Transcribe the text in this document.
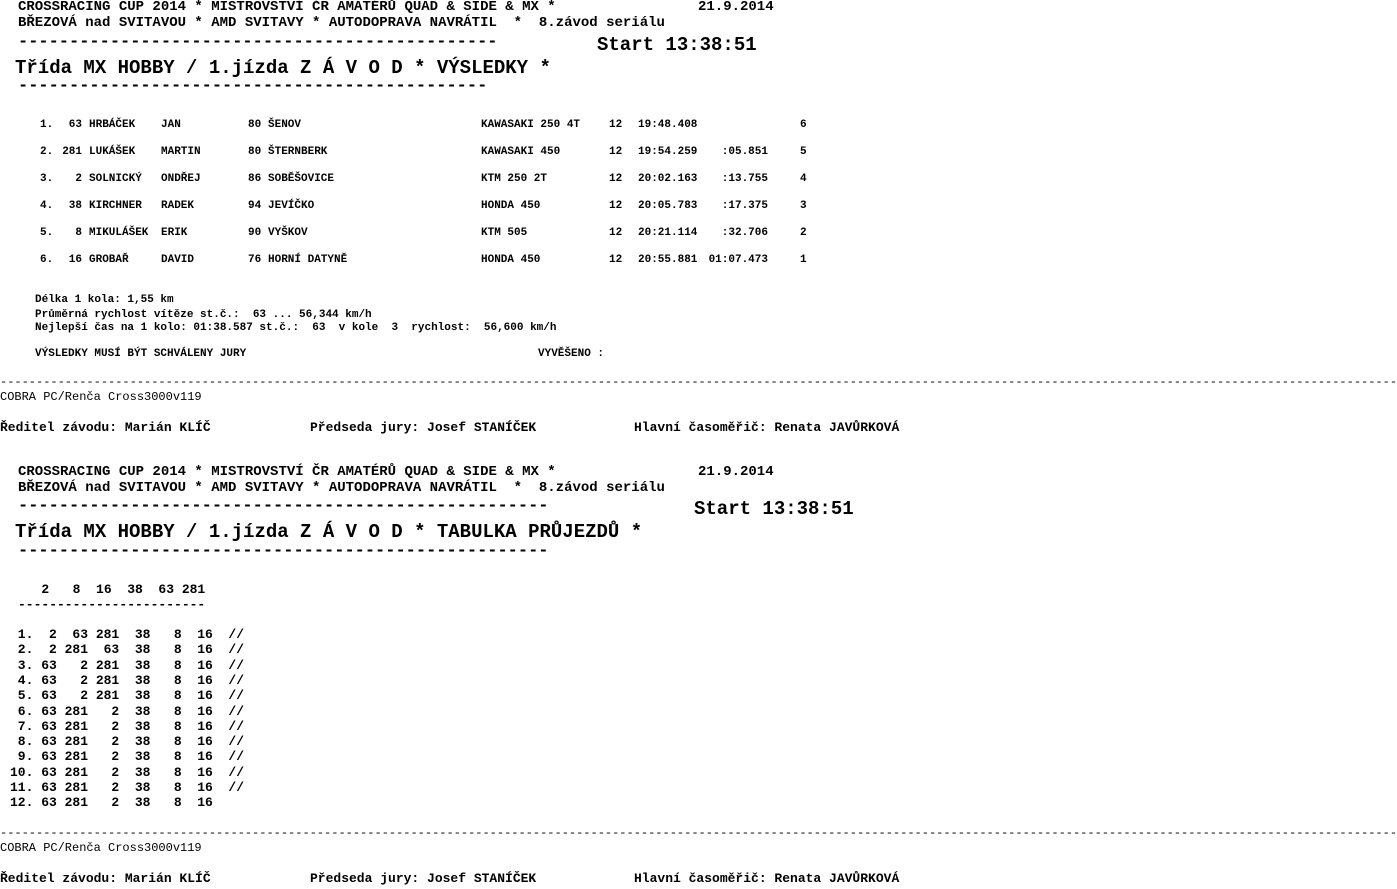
CROSSRACING CUP 2014 * MISTROVSTVÍ ČR AMATÉRŮ QUAD & SIDE & MX *	21.9.2014
BŘEZOVÁ nad SVITAVOU * AMD SVITAVY * AUTODOPRAVA NAVRÁTIL  *  8.závod seriálu
-----------------------------------------------	Start 13:38:51
Třída MX HOBBY / 1.jízda Z Á V O D * VÝSLEDKY *
----------------------------------------------
1. 63 HRBÁČEK JAN	80 ŠENOV	KAWASAKI 250 4T	12 19:48.408	6
2. 281 LUKÁŠEK MARTIN	80 ŠTERNBERK	KAWASAKI 450	12 19:54.259 :05.851	5
3. 2 SOLNICKÝ ONDŘEJ	86 SOBĚŠOVICE	KTM 250 2T	12 20:02.163 :13.755	4
4. 38 KIRCHNER RADEK	94 JEVÍČKO	HONDA 450	12 20:05.783 :17.375	3
5. 8 MIKULÁŠEK ERIK	90 VYŠKOV	KTM 505	12 20:21.114 :32.706	2
6. 16 GROBAŘ	DAVID	76 HORNÍ DATYNĚ	HONDA 450	12 20:55.881 01:07.473	1
Délka 1 kola: 1,55 km
Průměrná rychlost vítěze st.č.:  63 ... 56,344 km/h
Nejlepší čas na 1 kolo: 01:38.587 st.č.:  63  v kole  3  rychlost:  56,600 km/h
VÝSLEDKY MUSÍ BÝT SCHVÁLENY JURY	VYVĚŠENO :
--------------------------------------------------------------------------------------------------------------------------------------------------------------------------------------------------
COBRA PC/Renča Cross3000v119
Ředitel závodu: Marián KLÍČ	Předseda jury: Josef STANÍČEK	Hlavní časoměřič: Renata JAVŮRKOVÁ
CROSSRACING CUP 2014 * MISTROVSTVÍ ČR AMATÉRŮ QUAD & SIDE & MX *	21.9.2014
BŘEZOVÁ nad SVITAVOU * AMD SVITAVY * AUTODOPRAVA NAVRÁTIL  *  8.závod seriálu
----------------------------------------------------	Start 13:38:51
Třída MX HOBBY / 1.jízda Z Á V O D * TABULKA PRŮJEZDŮ *
----------------------------------------------------
2   8  16  38  63 281
------------------------
1.  2  63 281  38   8  16  //
2.  2 281  63  38   8  16  //
3. 63   2 281  38   8  16  //
4. 63   2 281  38   8  16  //
5. 63   2 281  38   8  16  //
6. 63 281   2  38   8  16  //
7. 63 281   2  38   8  16  //
8. 63 281   2  38   8  16  //
9. 63 281   2  38   8  16  //
10. 63 281   2  38   8  16  //
11. 63 281   2  38   8  16  //
12. 63 281   2  38   8  16
--------------------------------------------------------------------------------------------------------------------------------------------------------------------------------------------------
COBRA PC/Renča Cross3000v119
Ředitel závodu: Marián KLÍČ	Předseda jury: Josef STANÍČEK	Hlavní časoměřič: Renata JAVŮRKOVÁ
